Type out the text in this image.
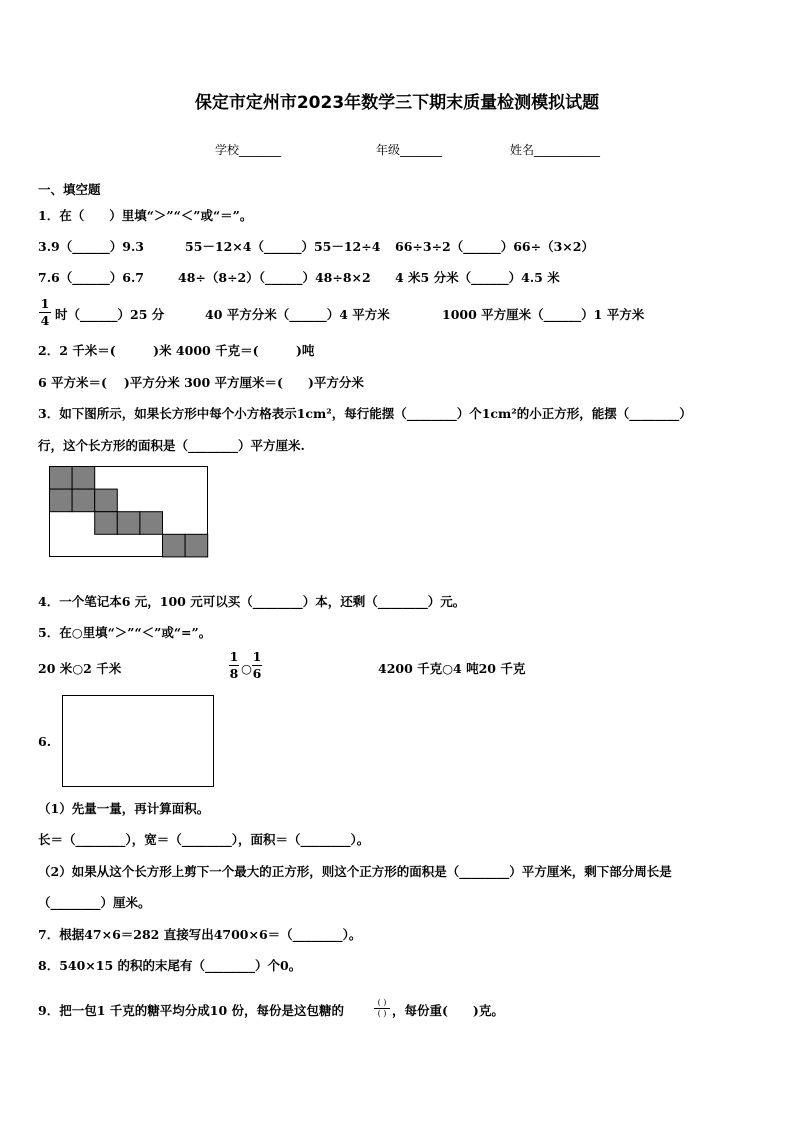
保定市定州市2023年数学三下期末质量检测模拟试题
学校_______	年级_______	姓名___________
一、填空题
1．在（　　）里填“＞”“＜”或“＝”。
3.9（______）9.3	55－12×4（______）55－12÷4 66÷3÷2（______）66÷（3×2）
7.6（______）6.7	48÷（8÷2）（______）48÷8×2 4 米5 分米（______）4.5 米
1
4 时（______）25 分	40 平方分米（______）4 平方米	1000 平方厘米（______）1 平方米
2．2 千米＝(　　　)米 4000 千克＝(　　　)吨
6 平方米＝(　 )平方分米 300 平方厘米＝(　　)平方分米
3．如下图所示，如果长方形中每个小方格表示1cm²，每行能摆（________）个1cm²的小正方形，能摆（________）
行，这个长方形的面积是（________）平方厘米.
4．一个笔记本6 元，100 元可以买（________）本，还剩（________）元。
5．在○里填“＞”“＜”或“=”。
20 米○2 千米
1
8 ○
1
6	4200 千克○4 吨20 千克
6.
（1）先量一量，再计算面积。
长＝（________），宽＝（________），面积＝（________）。
（2）如果从这个长方形上剪下一个最大的正方形，则这个正方形的面积是（________）平方厘米，剩下部分周长是
（________）厘米。
7．根据47×6＝282 直接写出4700×6＝（________）。
8．540×15 的积的末尾有（________）个0。
9．把一包1 千克的糖平均分成10 份，每份是这包糖的
( )
( ) ，每份重(　　)克。
